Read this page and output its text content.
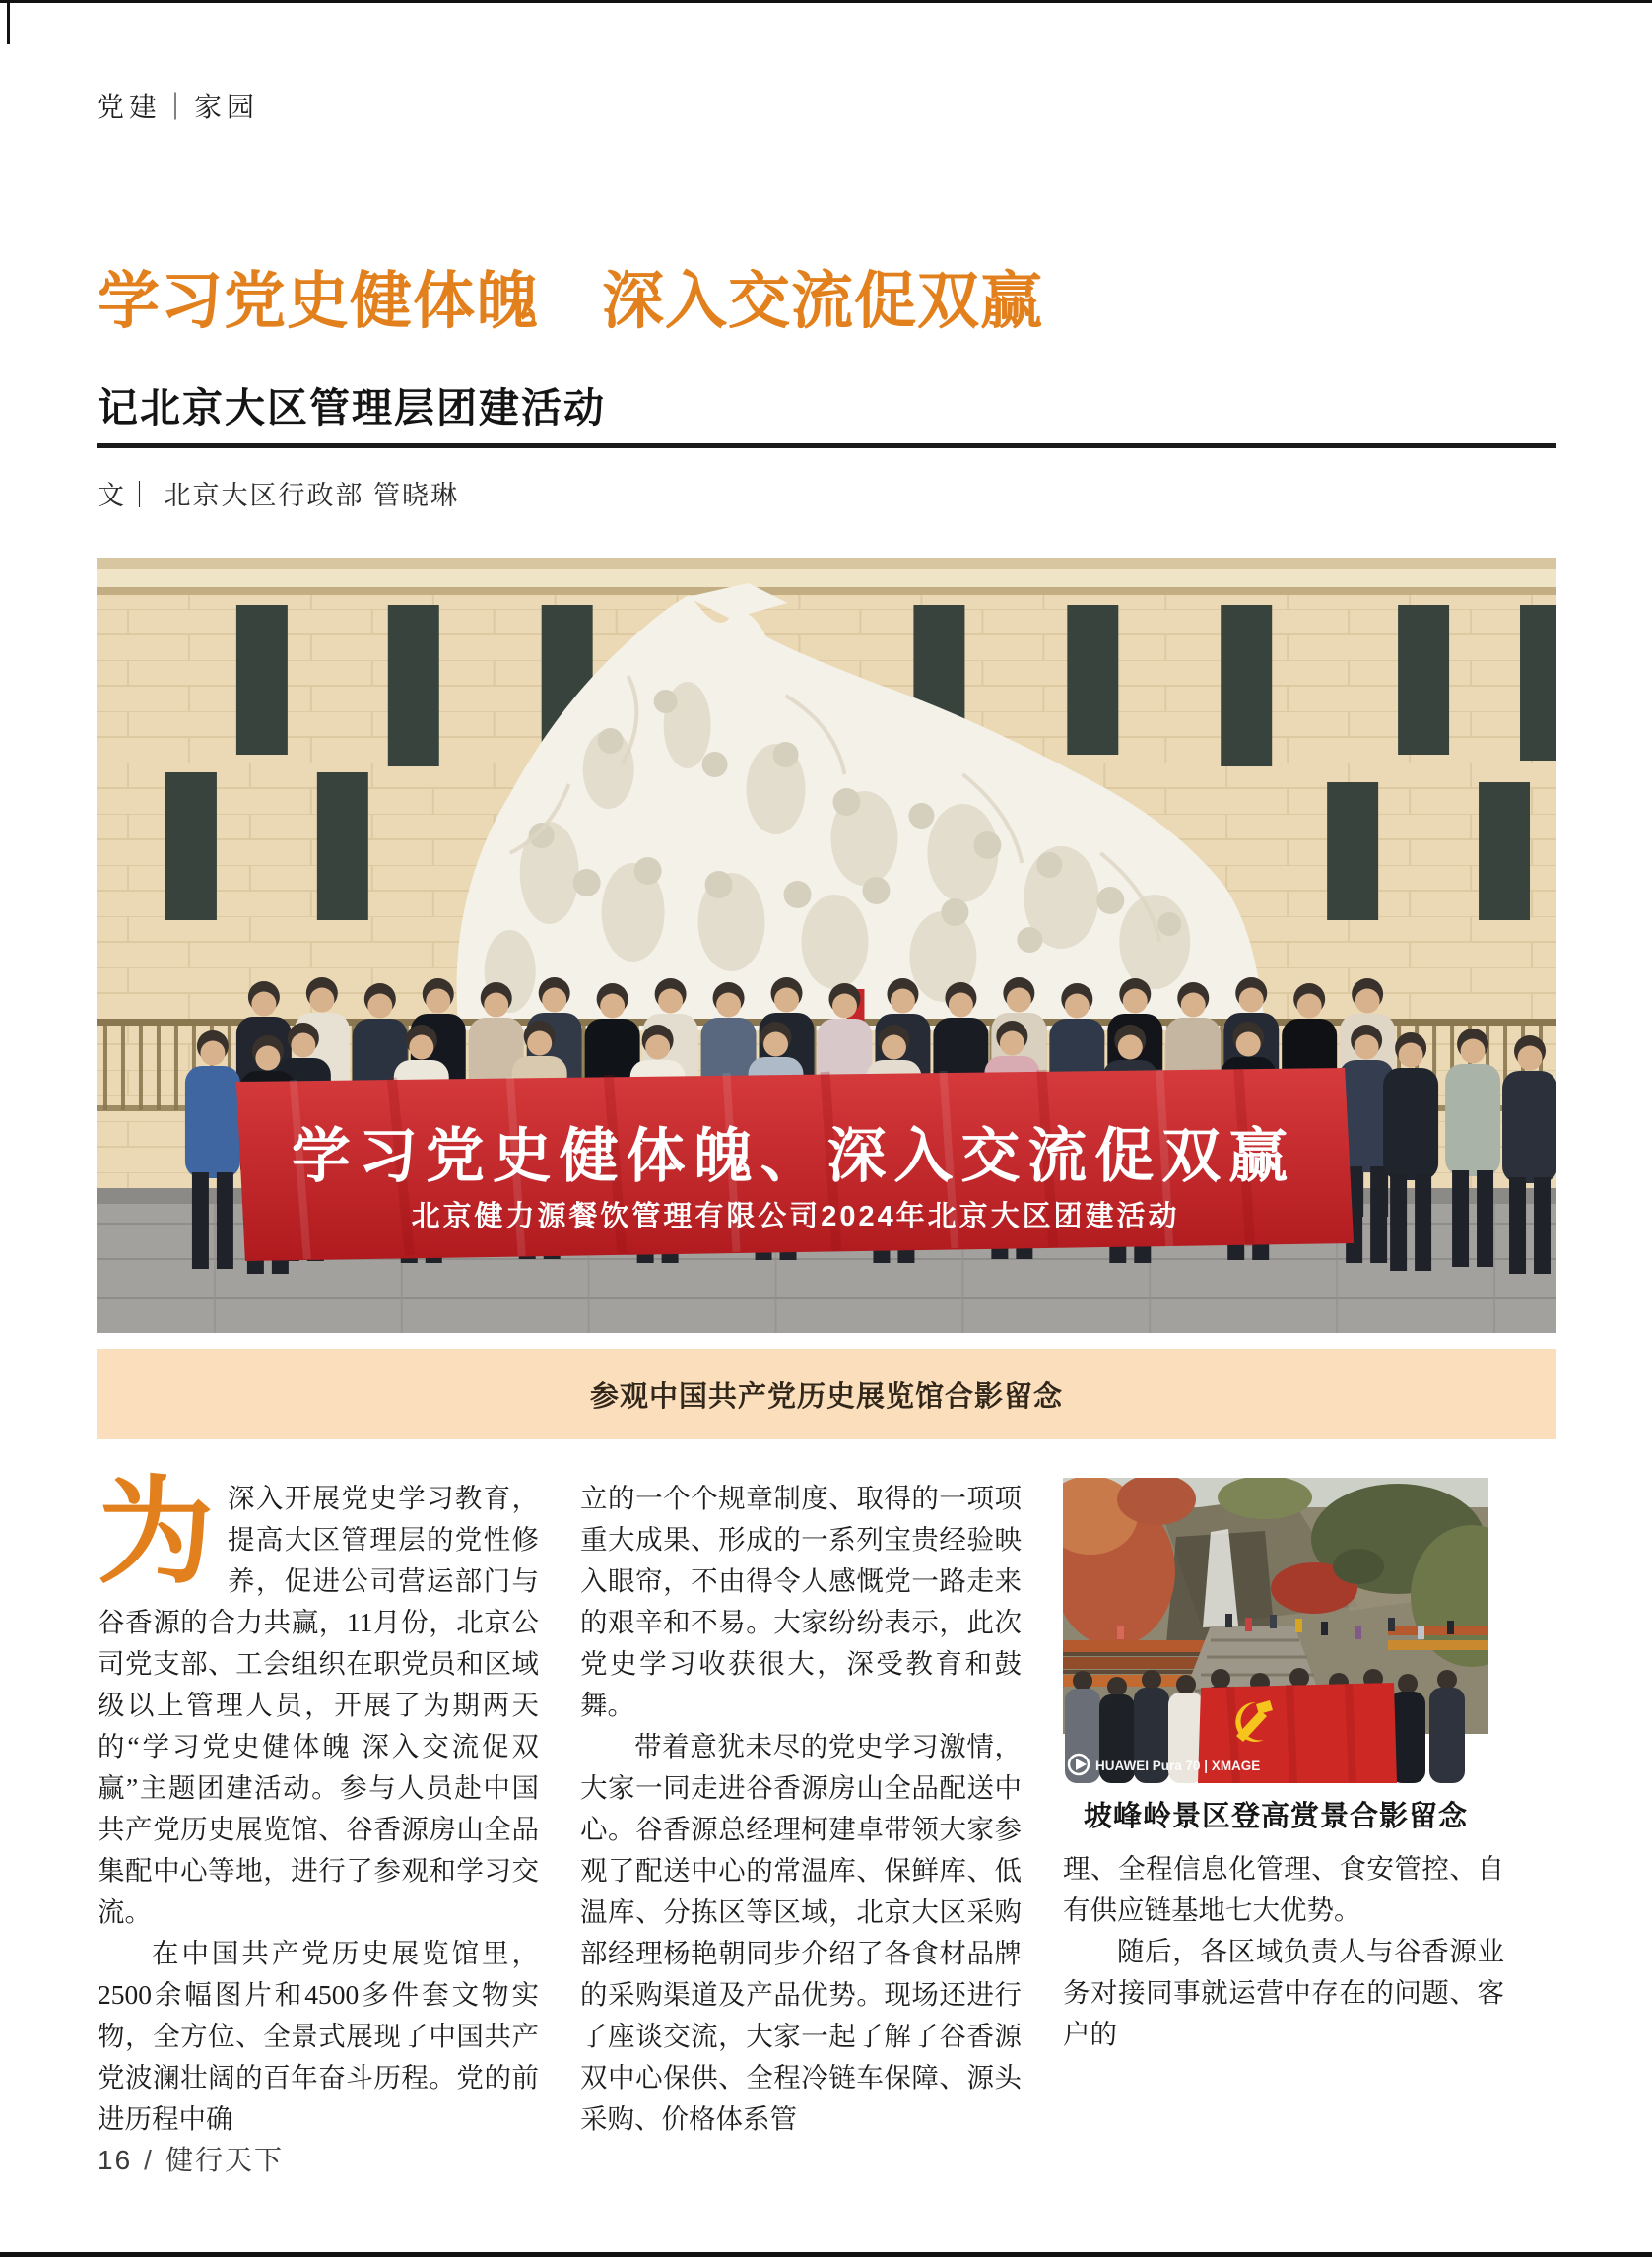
党建｜家园
学习党史健体魄　深入交流促双赢
记北京大区管理层团建活动
文｜ 北京大区行政部 管晓琳
学习党史健体魄、深入交流促双赢
北京健力源餐饮管理有限公司2024年北京大区团建活动
参观中国共产党历史展览馆合影留念

为深入开展党史学习教育，提高大区管理层的党性修养，促进公司营运部门与谷香源的合力共赢，11月份，北京公司党支部、工会组织在职党员和区域级以上管理人员，开展了为期两天的“学习党史健体魄 深入交流促双赢”主题团建活动。参与人员赴中国共产党历史展览馆、谷香源房山全品集配中心等地，进行了参观和学习交流。

在中国共产党历史展览馆里，2500余幅图片和4500多件套文物实物，全方位、全景式展现了中国共产党波澜壮阔的百年奋斗历程。党的前进历程中确

立的一个个规章制度、取得的一项项重大成果、形成的一系列宝贵经验映入眼帘，不由得令人感慨党一路走来的艰辛和不易。大家纷纷表示，此次党史学习收获很大，深受教育和鼓舞。

带着意犹未尽的党史学习激情，大家一同走进谷香源房山全品配送中心。谷香源总经理柯建卓带领大家参观了配送中心的常温库、保鲜库、低温库、分拣区等区域，北京大区采购部经理杨艳朝同步介绍了各食材品牌的采购渠道及产品优势。现场还进行了座谈交流，大家一起了解了谷香源双中心保供、全程冷链车保障、源头采购、价格体系管

HUAWEI Pura 70 | XMAGE
坡峰岭景区登高赏景合影留念

理、全程信息化管理、食安管控、自有供应链基地七大优势。

随后，各区域负责人与谷香源业务对接同事就运营中存在的问题、客户的

16 / 健行天下
